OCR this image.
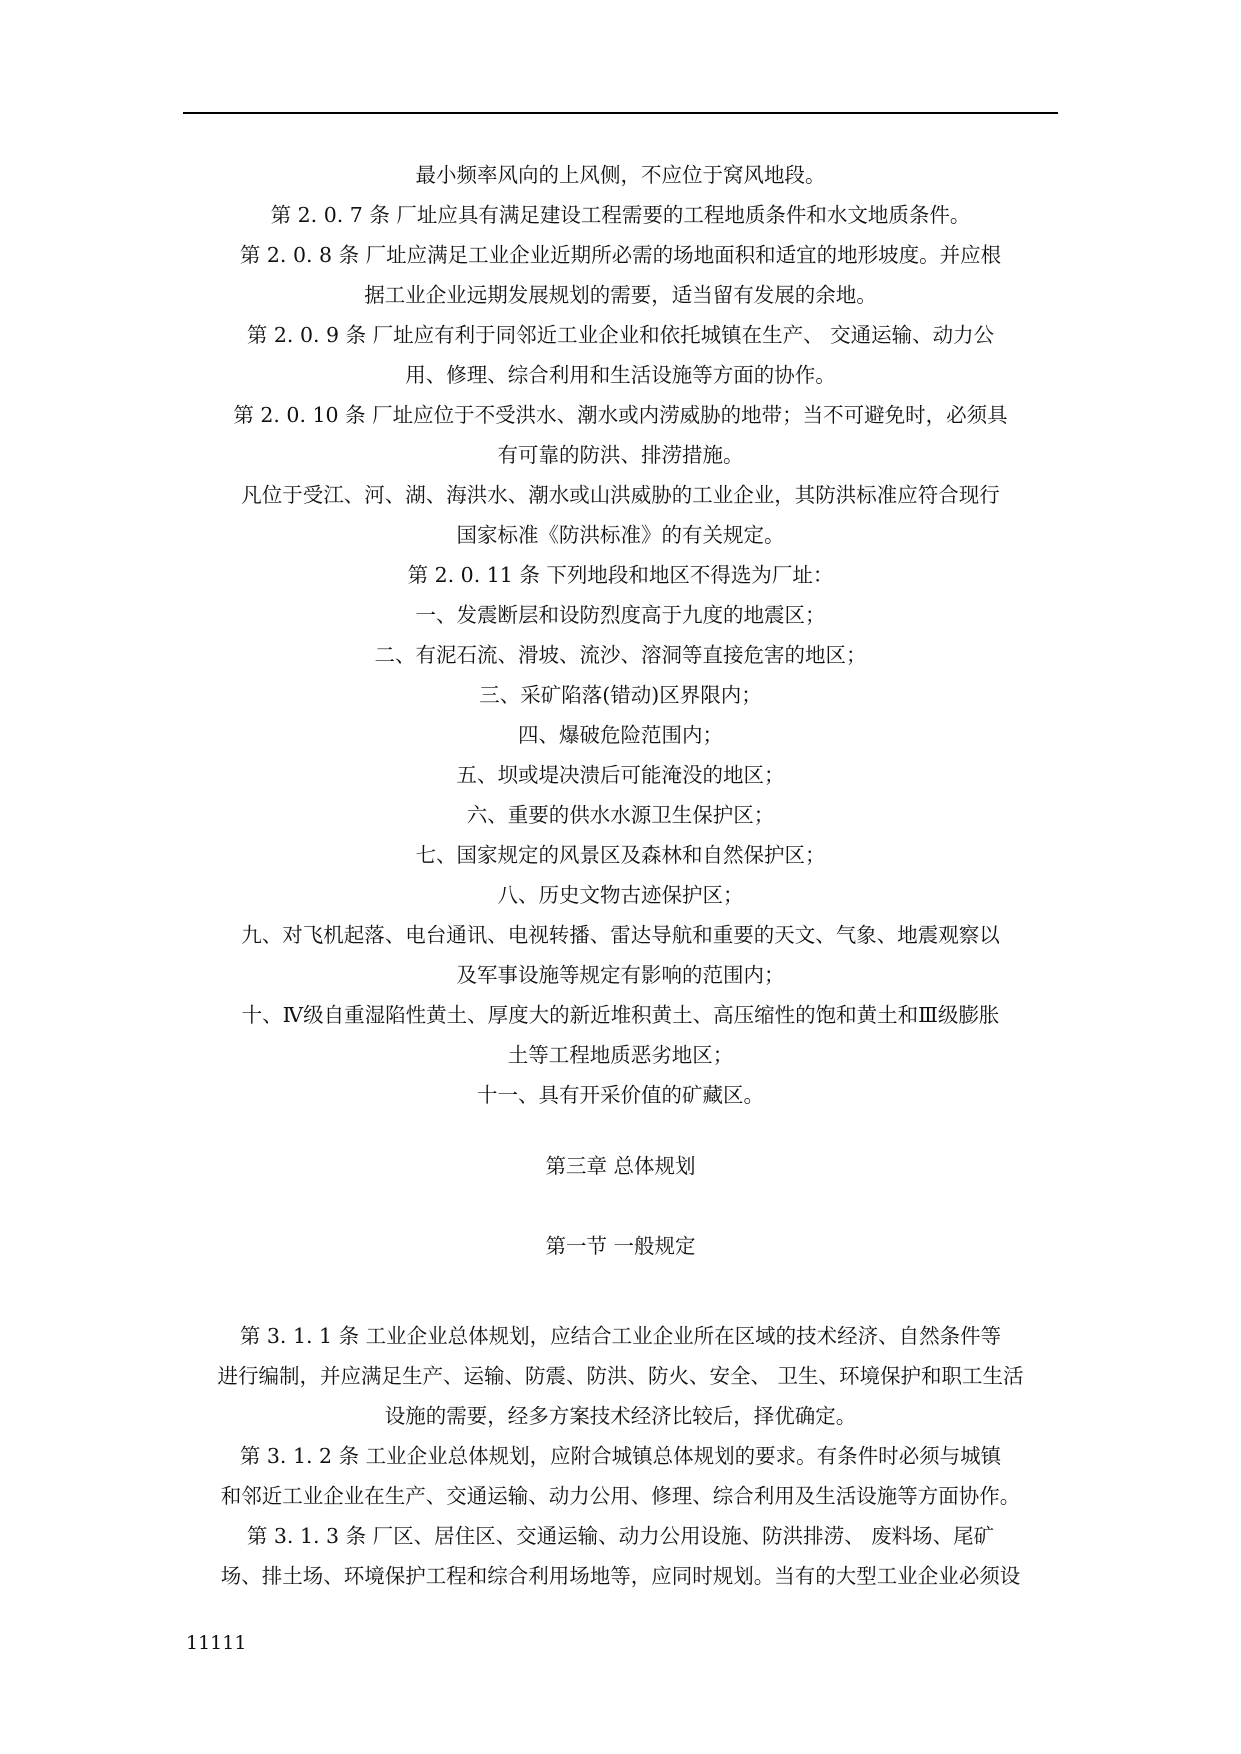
最小频率风向的上风侧，不应位于窝风地段。
第 2. 0. 7 条 厂址应具有满足建设工程需要的工程地质条件和水文地质条件。
第 2. 0. 8 条 厂址应满足工业企业近期所必需的场地面积和适宜的地形坡度。并应根
据工业企业远期发展规划的需要，适当留有发展的余地。
第 2. 0. 9 条 厂址应有利于同邻近工业企业和依托城镇在生产、 交通运输、动力公
用、修理、综合利用和生活设施等方面的协作。
第 2. 0. 10 条 厂址应位于不受洪水、潮水或内涝威胁的地带；当不可避免时，必须具
有可靠的防洪、排涝措施。
凡位于受江、河、湖、海洪水、潮水或山洪威胁的工业企业，其防洪标准应符合现行
国家标准《防洪标准》的有关规定。
第 2. 0. 11 条 下列地段和地区不得选为厂址：
一、发震断层和设防烈度高于九度的地震区；
二、有泥石流、滑坡、流沙、溶洞等直接危害的地区；
三、采矿陷落(错动)区界限内；
四、爆破危险范围内；
五、坝或堤决溃后可能淹没的地区；
六、重要的供水水源卫生保护区；
七、国家规定的风景区及森林和自然保护区；
八、历史文物古迹保护区；
九、对飞机起落、电台通讯、电视转播、雷达导航和重要的天文、气象、地震观察以
及军事设施等规定有影响的范围内；
十、Ⅳ级自重湿陷性黄土、厚度大的新近堆积黄土、高压缩性的饱和黄土和Ⅲ级膨胀
土等工程地质恶劣地区；
十一、具有开采价值的矿藏区。
第三章 总体规划
第一节 一般规定
第 3. 1. 1 条 工业企业总体规划，应结合工业企业所在区域的技术经济、自然条件等
进行编制，并应满足生产、运输、防震、防洪、防火、安全、 卫生、环境保护和职工生活
设施的需要，经多方案技术经济比较后，择优确定。
第 3. 1. 2 条 工业企业总体规划，应附合城镇总体规划的要求。有条件时必须与城镇
和邻近工业企业在生产、交通运输、动力公用、修理、综合利用及生活设施等方面协作。
第 3. 1. 3 条 厂区、居住区、交通运输、动力公用设施、防洪排涝、 废料场、尾矿
场、排土场、环境保护工程和综合利用场地等，应同时规划。当有的大型工业企业必须设
11111
